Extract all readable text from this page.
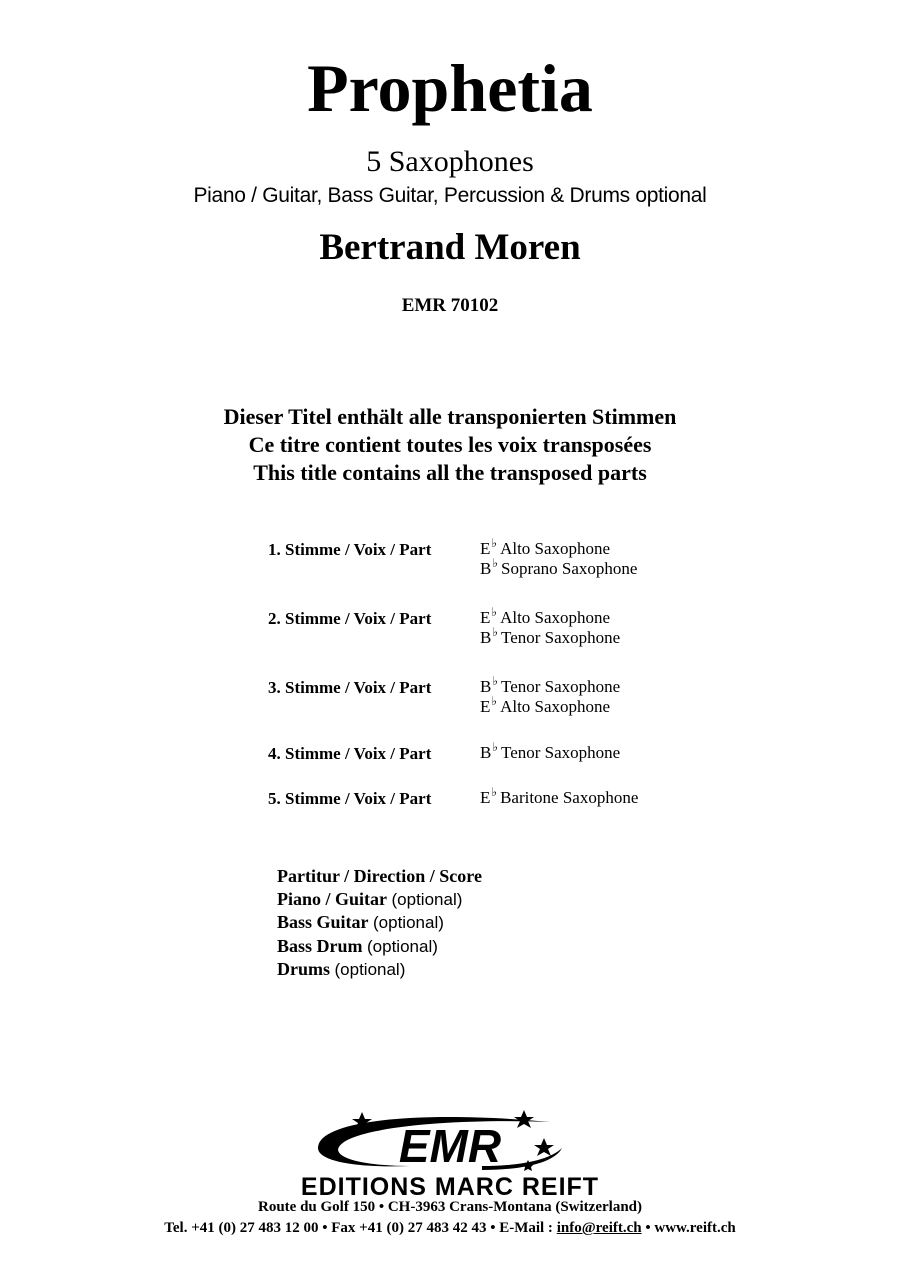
Prophetia
5 Saxophones
Piano / Guitar, Bass Guitar, Percussion & Drums optional
Bertrand Moren
EMR 70102
Dieser Titel enthält alle transponierten Stimmen
Ce titre contient toutes les voix transposées
This title contains all the transposed parts
1. Stimme / Voix / Part	E♭ Alto Saxophone
B♭ Soprano Saxophone
2. Stimme / Voix / Part	E♭ Alto Saxophone
B♭ Tenor Saxophone
3. Stimme / Voix / Part	B♭ Tenor Saxophone
E♭ Alto Saxophone
4. Stimme / Voix / Part	B♭ Tenor Saxophone
5. Stimme / Voix / Part	E♭ Baritone Saxophone
Partitur / Direction / Score
Piano / Guitar (optional)
Bass Guitar (optional)
Bass Drum (optional)
Drums (optional)
EMR
EDITIONS MARC REIFT
Route du Golf 150 • CH-3963 Crans-Montana (Switzerland)
Tel. +41 (0) 27 483 12 00 • Fax +41 (0) 27 483 42 43 • E-Mail : info@reift.ch • www.reift.ch
